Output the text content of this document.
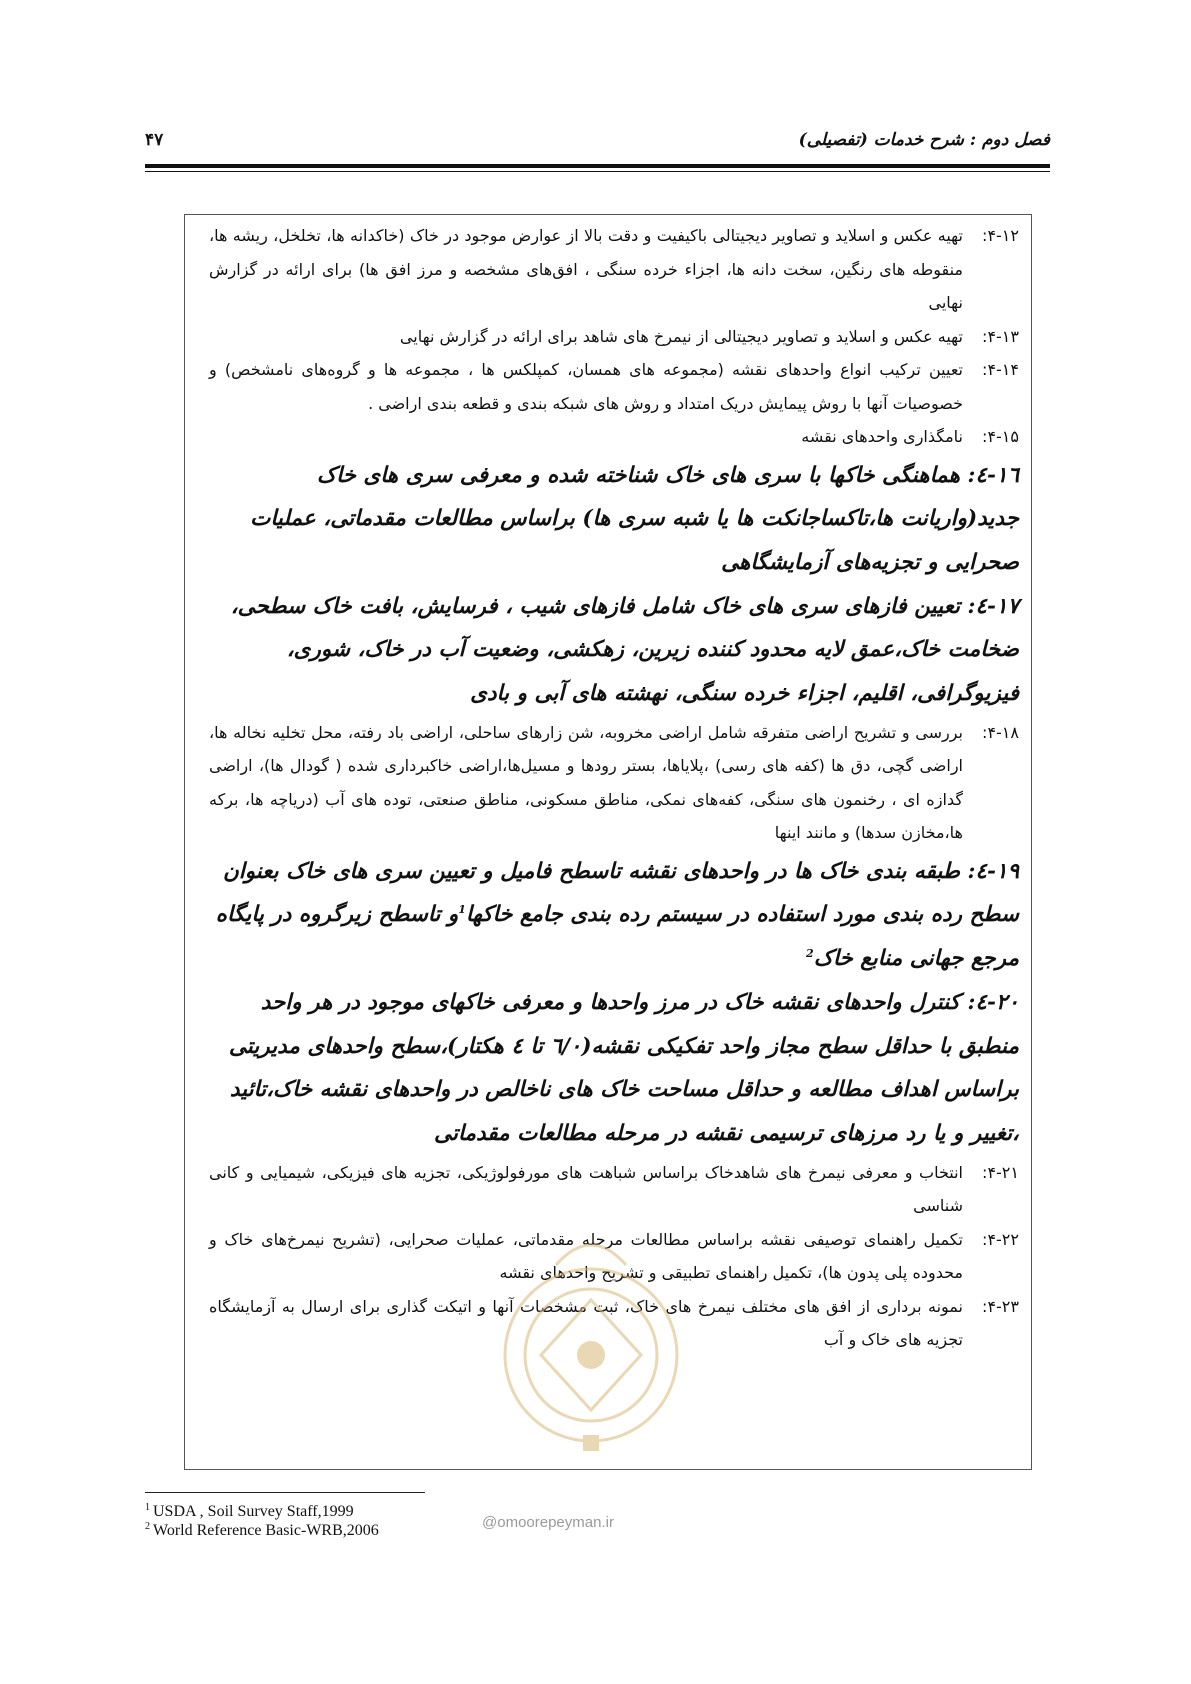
فصل دوم : شرح خدمات (تفصیلی)
۴۷
۴-۱۲:
تهیه عکس و اسلاید و تصاویر دیجیتالی باکیفیت و دقت بالا از عوارض موجود در خاک (خاکدانه ها، تخلخل، ریشه ها، منقوطه های رنگین، سخت دانه ها، اجزاء خرده سنگی ، افق‌های مشخصه و مرز افق ها) برای ارائه در گزارش نهایی
۴-۱۳:
تهیه عکس و اسلاید و تصاویر دیجیتالی از نیمرخ های شاهد برای ارائه در گزارش نهایی
۴-۱۴:
تعیین ترکیب انواع واحدهای نقشه (مجموعه های همسان، کمپلکس ها ، مجموعه ها و گروه‌های نامشخص) و خصوصیات آنها با روش پیمایش دریک امتداد و روش های شبکه بندی و قطعه بندی اراضی .
۴-۱۵:
نامگذاری واحدهای نقشه
١٦-٤: هماهنگی خاکها با سری های خاک شناخته شده و معرفی سری های خاک جدید(واریانت ها،تاکساجانکت ها یا شبه سری ها) براساس مطالعات مقدماتی، عملیات صحرایی و تجزیه‌های آزمایشگاهی
١٧-٤: تعیین فازهای سری های خاک شامل فازهای شیب ، فرسایش، بافت خاک سطحی، ضخامت خاک،عمق لایه محدود کننده زیرین، زهکشی، وضعیت آب در خاک، شوری، فیزیوگرافی، اقلیم، اجزاء خرده سنگی، نهشته های آبی و بادی
۴-۱۸:
بررسی و تشریح اراضی متفرقه شامل اراضی مخروبه، شن زارهای ساحلی، اراضی باد رفته، محل تخلیه نخاله ها، اراضی گچی، دق ها (کفه های رسی) ،پلایاها، بستر رودها و مسیل‌ها،اراضی خاکبرداری شده ( گودال ها)، اراضی گدازه ای ، رخنمون های سنگی، کفه‌های نمکی، مناطق مسکونی، مناطق صنعتی، توده های آب (دریاچه ها، برکه ها،مخازن سدها) و مانند اینها
١٩-٤: طبقه بندی خاک ها در واحدهای نقشه تاسطح فامیل و تعیین سری های خاک بعنوان سطح رده بندی مورد استفاده در سیستم رده بندی جامع خاکها$^1$و تاسطح زیرگروه در پایگاه مرجع جهانی منابع خاک$^2$
٢٠-٤: کنترل واحدهای نقشه خاک در مرز واحدها و معرفی خاکهای موجود در هر واحد منطبق با حداقل سطح مجاز واحد تفکیکی نقشه(٦/٠ تا ٤ هکتار)،سطح واحدهای مدیریتی براساس اهداف مطالعه و حداقل مساحت خاک های ناخالص در واحدهای نقشه خاک،تائید ،تغییر و یا رد مرزهای ترسیمی نقشه در مرحله مطالعات مقدماتی
۴-۲۱:
انتخاب و معرفی نیمرخ های شاهدخاک براساس شباهت های مورفولوژیکی، تجزیه های فیزیکی، شیمیایی و کانی شناسی
۴-۲۲:
تکمیل راهنمای توصیفی نقشه براساس مطالعات مرحله مقدماتی، عملیات صحرایی، (تشریح نیمرخ‌های خاک و محدوده پلی پدون ها)، تکمیل راهنمای تطبیقی و تشریح واحدهای نقشه
۴-۲۳:
نمونه برداری از افق های مختلف نیمرخ های خاک، ثبت مشخصات آنها و اتیکت گذاری برای ارسال به آزمایشگاه تجزیه های خاک و آب
@omoorepeyman.ir
$^1$ USDA , Soil Survey Staff,1999
$^2$ World Reference Basic-WRB,2006
